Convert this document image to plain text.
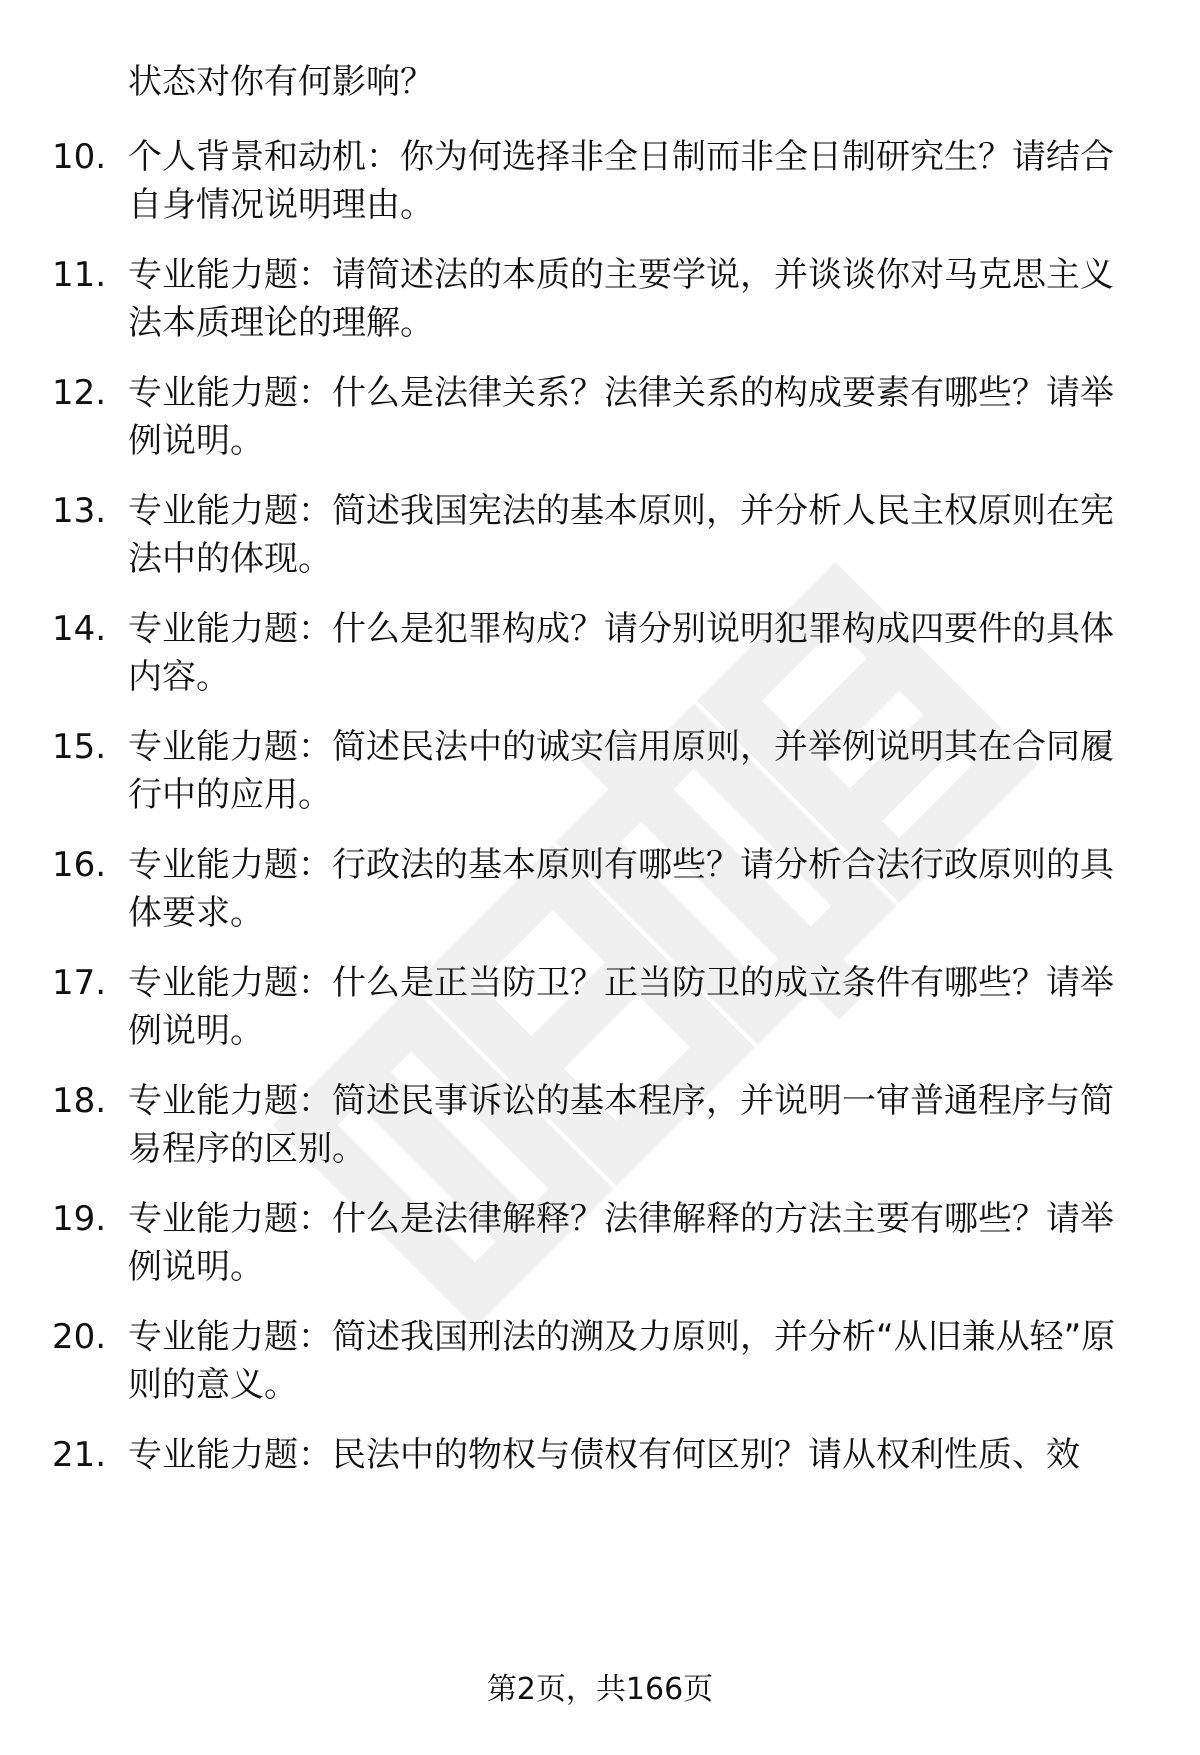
状态对你有何影响？

10. 个人背景和动机：你为何选择非全日制而非全日制研究生？请结合自身情况说明理由。

11. 专业能力题：请简述法的本质的主要学说，并谈谈你对马克思主义法本质理论的理解。

12. 专业能力题：什么是法律关系？法律关系的构成要素有哪些？请举例说明。

13. 专业能力题：简述我国宪法的基本原则，并分析人民主权原则在宪法中的体现。

14. 专业能力题：什么是犯罪构成？请分别说明犯罪构成四要件的具体内容。

15. 专业能力题：简述民法中的诚实信用原则，并举例说明其在合同履行中的应用。

16. 专业能力题：行政法的基本原则有哪些？请分析合法行政原则的具体要求。

17. 专业能力题：什么是正当防卫？正当防卫的成立条件有哪些？请举例说明。

18. 专业能力题：简述民事诉讼的基本程序，并说明一审普通程序与简易程序的区别。

19. 专业能力题：什么是法律解释？法律解释的方法主要有哪些？请举例说明。

20. 专业能力题：简述我国刑法的溯及力原则，并分析“从旧兼从轻”原则的意义。

21. 专业能力题：民法中的物权与债权有何区别？请从权利性质、效

第2页，共166页
